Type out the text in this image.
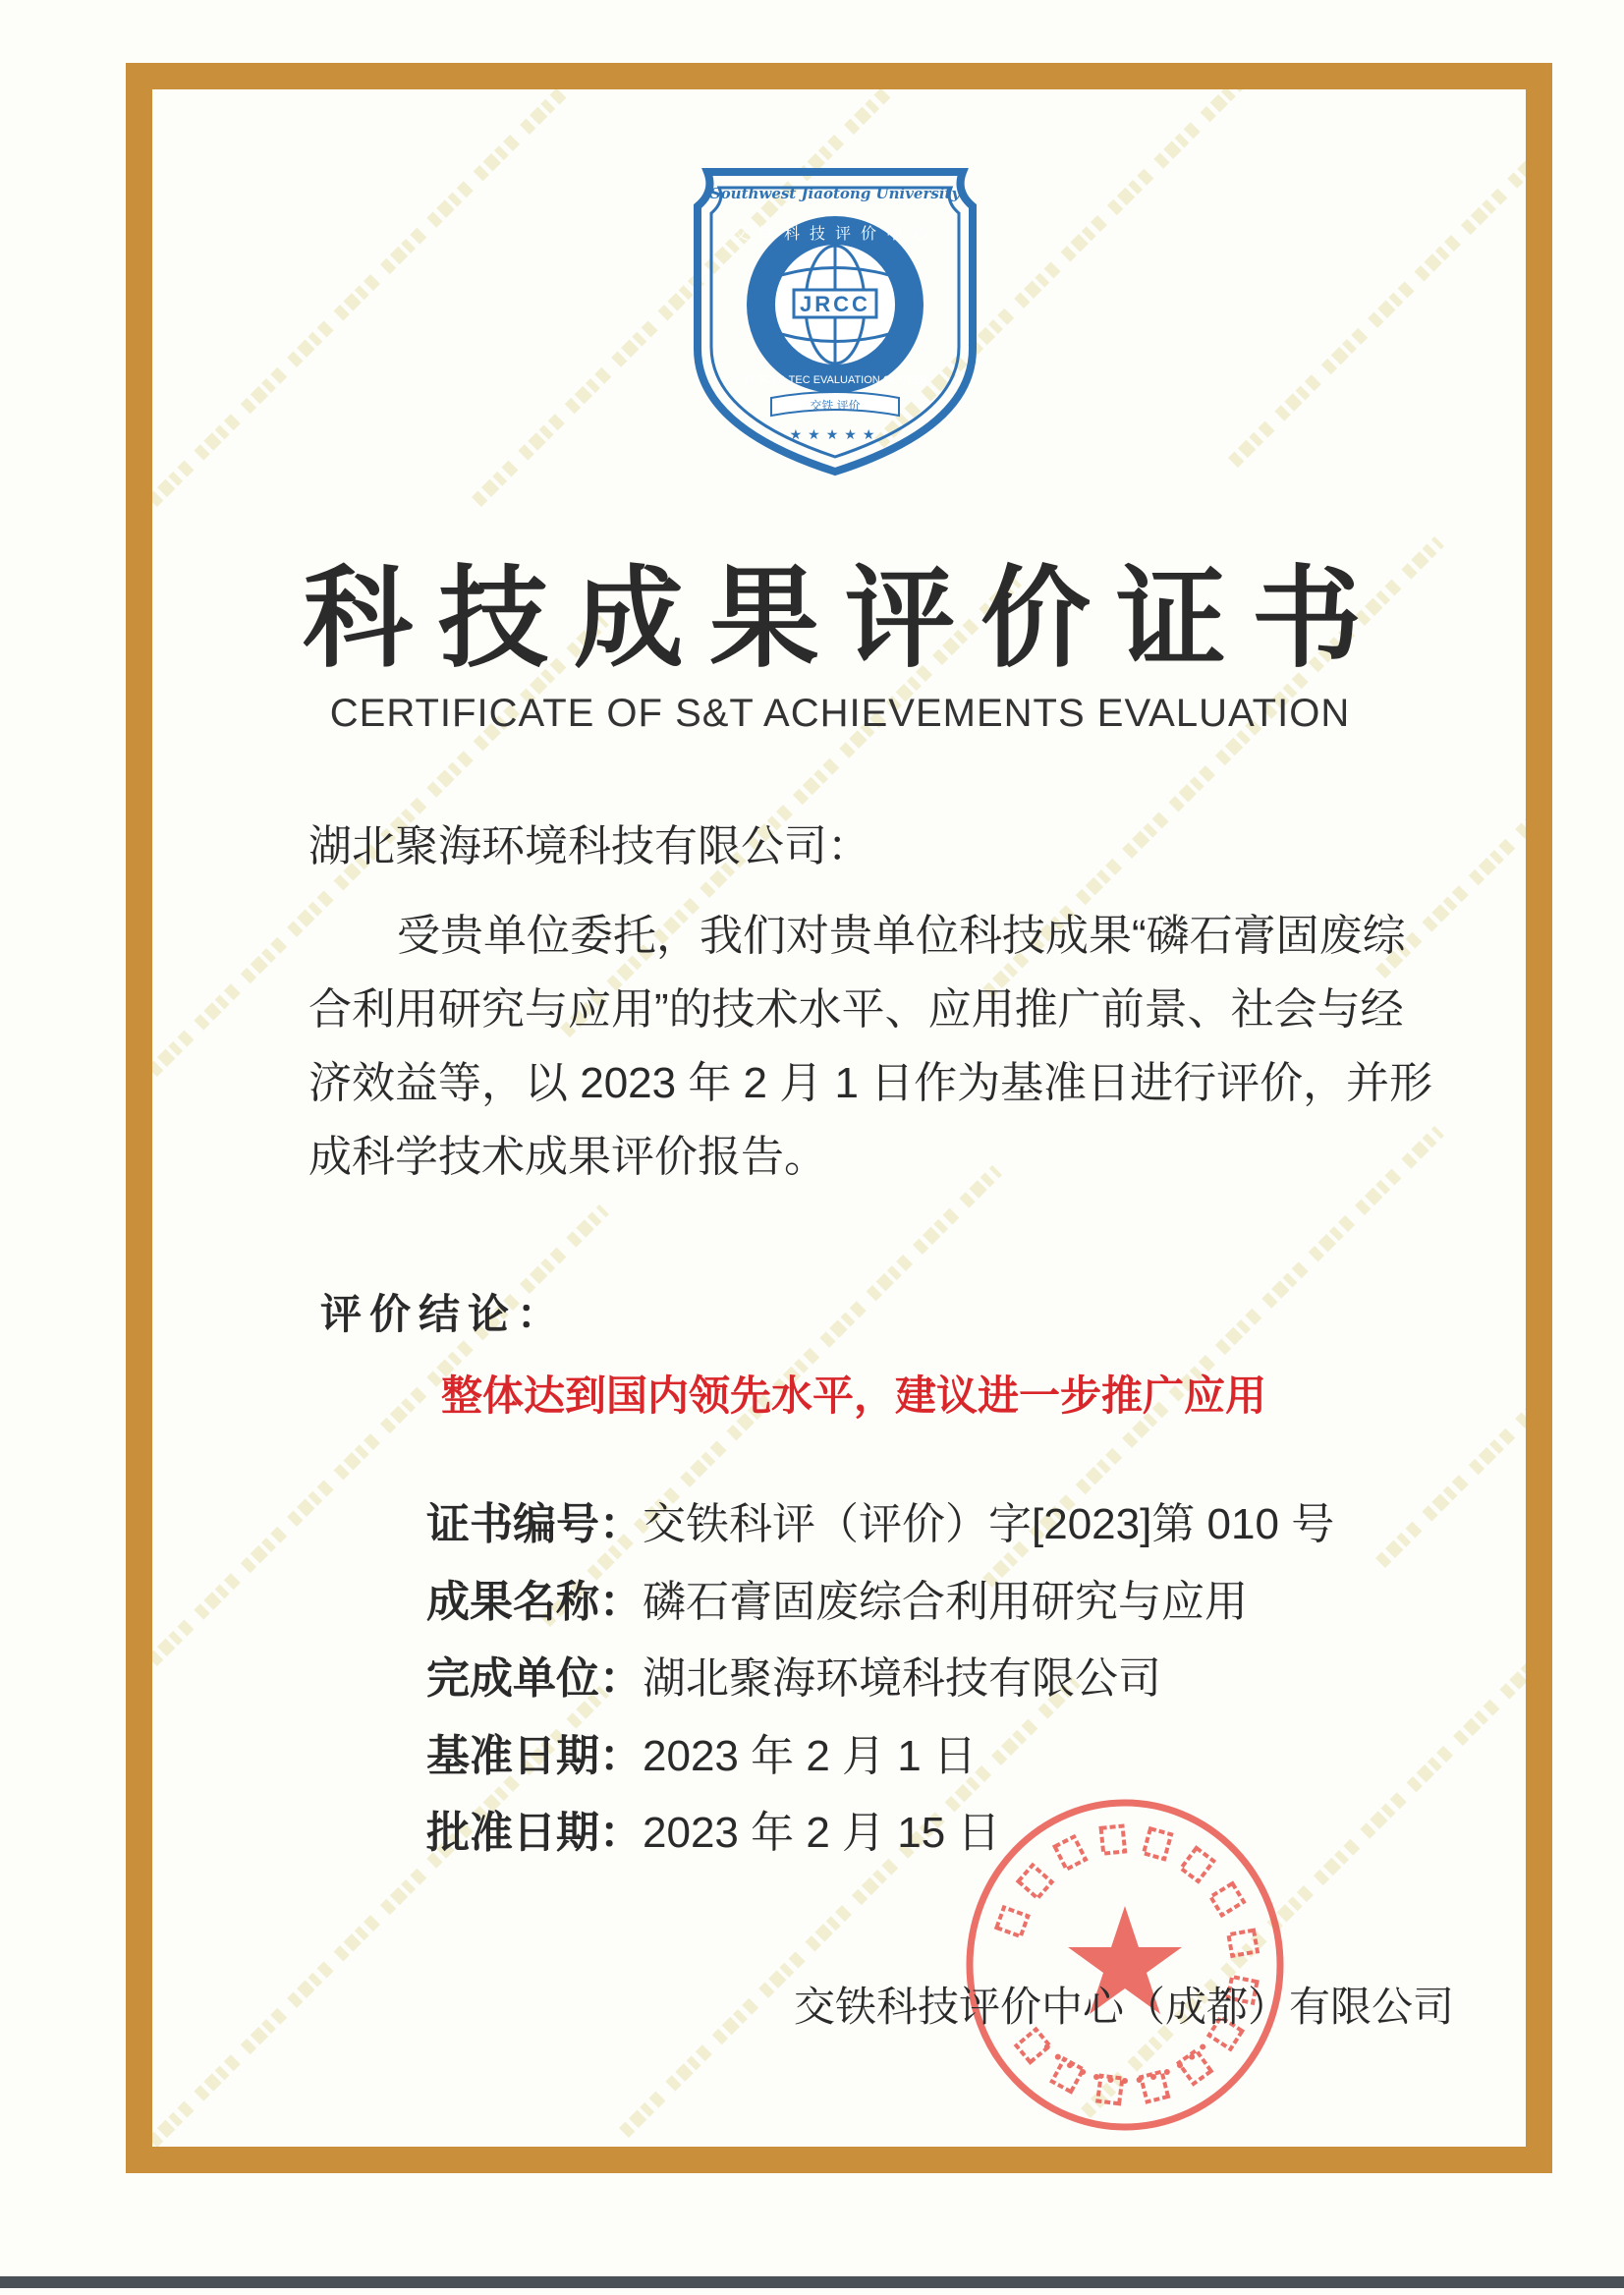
Southwest Jiaotong University
JRCC
交铁科技评价中心
JT SCI & TEC EVALUATION CENTER
交铁 评价
★★★★★
科技成果评价证书
CERTIFICATE OF S&T ACHIEVEMENTS EVALUATION
湖北聚海环境科技有限公司：
受贵单位委托，我们对贵单位科技成果“磷石膏固废综
合利用研究与应用”的技术水平、应用推广前景、社会与经
济效益等，以 2023 年 2 月 1 日作为基准日进行评价，并形
成科学技术成果评价报告。
评价结论：
整体达到国内领先水平，建议进一步推广应用
证书编号：交铁科评（评价）字[2023]第 010 号
成果名称：磷石膏固废综合利用研究与应用
完成单位：湖北聚海环境科技有限公司
基准日期：2023 年 2 月 1 日
批准日期：2023 年 2 月 15 日
交铁科技评价中心（成都）有限公司
